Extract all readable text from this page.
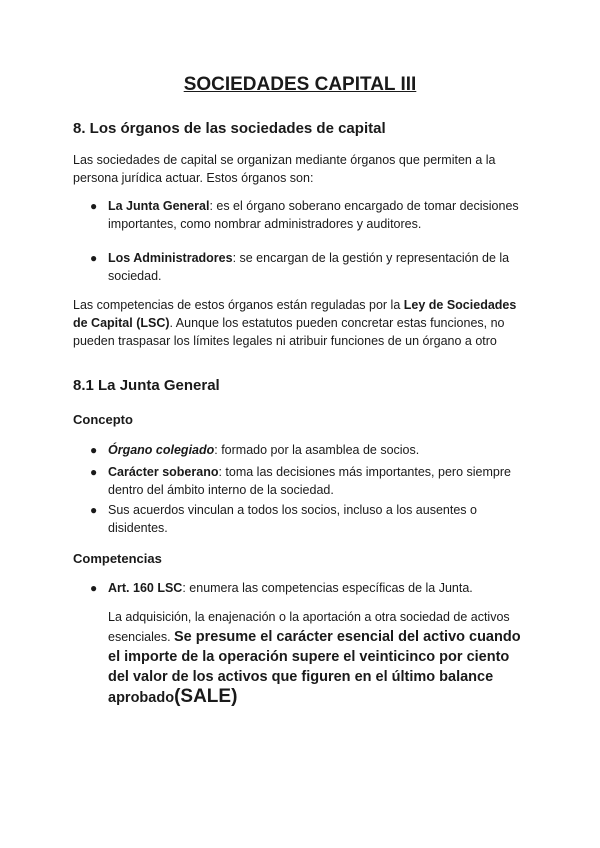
SOCIEDADES CAPITAL III
8. Los órganos de las sociedades de capital

Las sociedades de capital se organizan mediante órganos que permiten a la persona jurídica actuar. Estos órganos son:

● La Junta General: es el órgano soberano encargado de tomar decisiones importantes, como nombrar administradores y auditores.

● Los Administradores: se encargan de la gestión y representación de la sociedad.

Las competencias de estos órganos están reguladas por la Ley de Sociedades de Capital (LSC). Aunque los estatutos pueden concretar estas funciones, no pueden traspasar los límites legales ni atribuir funciones de un órgano a otro

8.1 La Junta General
Concepto
● Órgano colegiado: formado por la asamblea de socios.

● Carácter soberano: toma las decisiones más importantes, pero siempre dentro del ámbito interno de la sociedad.

● Sus acuerdos vinculan a todos los socios, incluso a los ausentes o disidentes.

Competencias
● Art. 160 LSC: enumera las competencias específicas de la Junta.

La adquisición, la enajenación o la aportación a otra sociedad de activos esenciales. Se presume el carácter esencial del activo cuando el importe de la operación supere el veinticinco por ciento del valor de los activos que figuren en el último balance aprobado(SALE)
